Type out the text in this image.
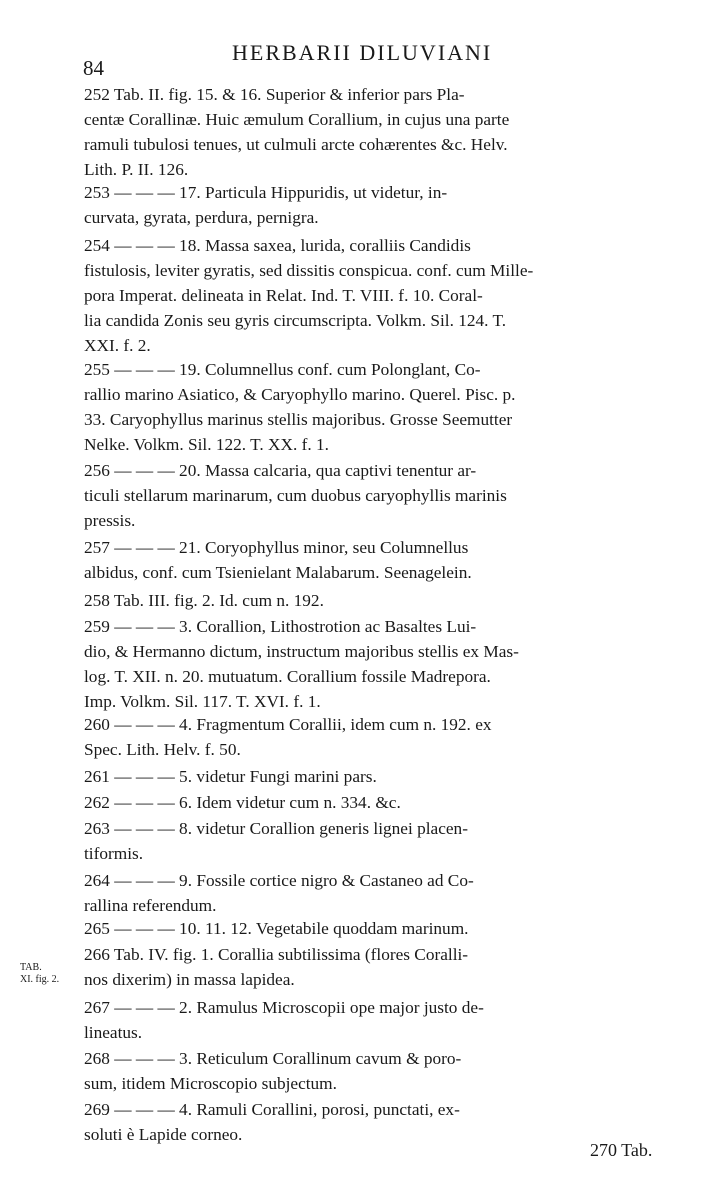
84
HERBARII DILUVIANI
252 Tab. II. fig. 15. & 16. Superior & inferior pars Pla-
centæ Corallinæ. Huic æmulum Corallium, in cujus una parte
ramuli tubulosi tenues, ut culmuli arcte cohærentes &c. Helv.
Lith. P. II. 126.
253 — — — 17. Particula Hippuridis, ut videtur, in-
curvata, gyrata, perdura, pernigra.
254 — — — 18. Massa saxea, lurida, coralliis Candidis
fistulosis, leviter gyratis, sed dissitis conspicua. conf. cum Mille-
pora Imperat. delineata in Relat. Ind. T. VIII. f. 10. Coral-
lia candida Zonis seu gyris circumscripta. Volkm. Sil. 124. T.
XXI. f. 2.
255 — — — 19. Columnellus conf. cum Polonglant, Co-
rallio marino Asiatico, & Caryophyllo marino. Querel. Pisc. p.
33. Caryophyllus marinus stellis majoribus. Grosse Seemutter
Nelke. Volkm. Sil. 122. T. XX. f. 1.
256 — — — 20. Massa calcaria, qua captivi tenentur ar-
ticuli stellarum marinarum, cum duobus caryophyllis marinis
pressis.
257 — — — 21. Coryophyllus minor, seu Columnellus
albidus, conf. cum Tsienielant Malabarum. Seenagelein.
258 Tab. III. fig. 2. Id. cum n. 192.
259 — — — 3. Corallion, Lithostrotion ac Basaltes Lui-
dio, & Hermanno dictum, instructum majoribus stellis ex Mas-
log. T. XII. n. 20. mutuatum. Corallium fossile Madrepora.
Imp. Volkm. Sil. 117. T. XVI. f. 1.
260 — — — 4. Fragmentum Corallii, idem cum n. 192. ex
Spec. Lith. Helv. f. 50.
261 — — — 5. videtur Fungi marini pars.
262 — — — 6. Idem videtur cum n. 334. &c.
263 — — — 8. videtur Corallion generis lignei placen-
tiformis.
264 — — — 9. Fossile cortice nigro & Castaneo ad Co-
rallina referendum.
265 — — — 10. 11. 12. Vegetabile quoddam marinum.
266 Tab. IV. fig. 1. Corallia subtilissima (flores Coralli-
nos dixerim) in massa lapidea.
267 — — — 2. Ramulus Microscopii ope major justo de-
lineatus.
268 — — — 3. Reticulum Corallinum cavum & poro-
sum, itidem Microscopio subjectum.
269 — — — 4. Ramuli Corallini, porosi, punctati, ex-
soluti è Lapide corneo.
TAB.
XI. fig. 2.
270 Tab.
